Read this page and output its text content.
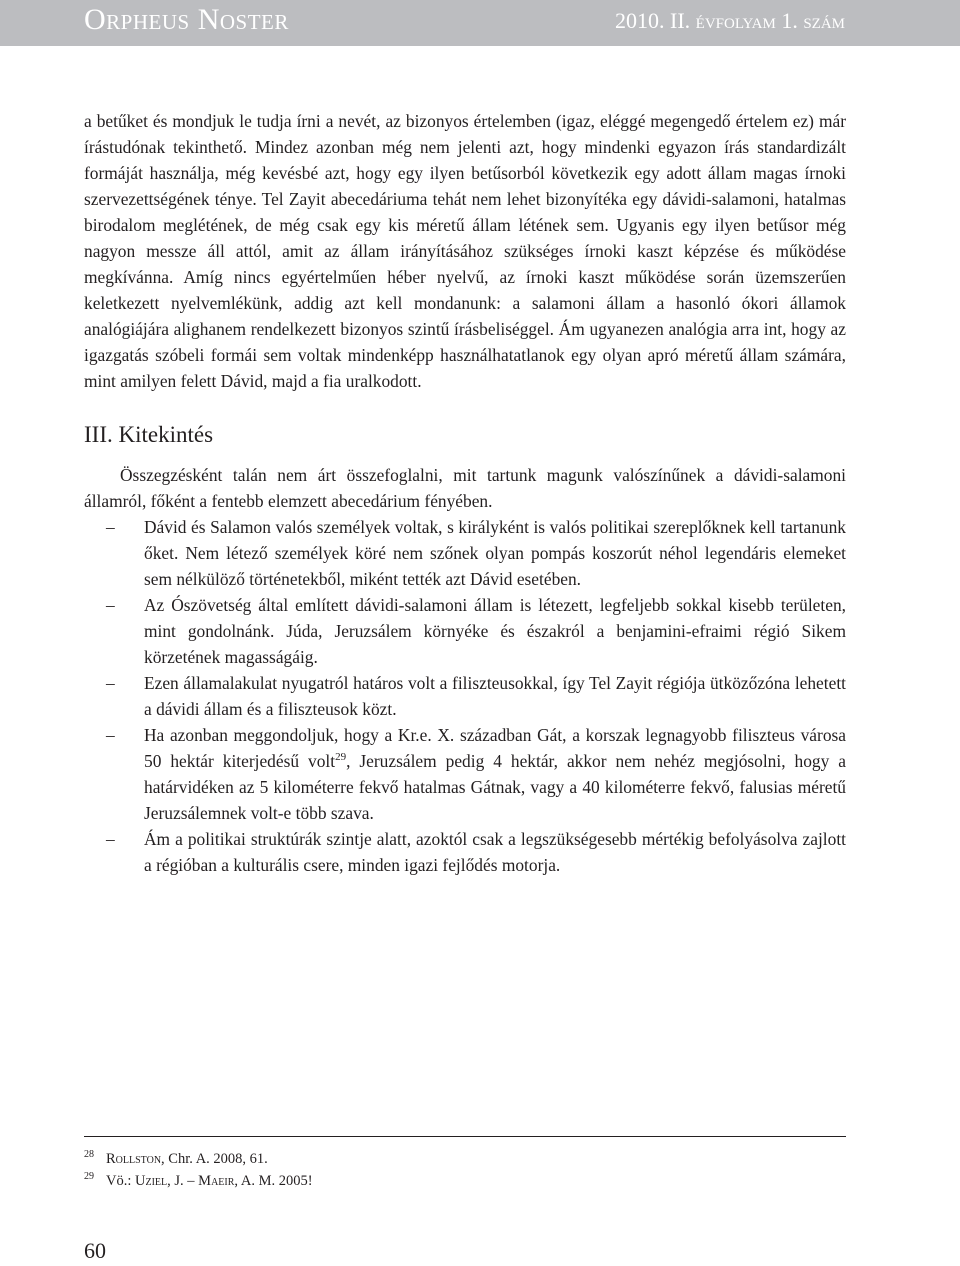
Orpheus Noster	2010. II. évfolyam 1. szám

a betűket és mondjuk le tudja írni a nevét, az bizonyos értelemben (igaz, eléggé megengedő értelem ez) már írástudónak tekinthető. Mindez azonban még nem jelenti azt, hogy mindenki egyazon írás standardizált formáját használja, még kevésbé azt, hogy egy ilyen betűsorból következik egy adott állam magas írnoki szervezettségének ténye. Tel Zayit abecedáriuma tehát nem lehet bizonyítéka egy dávidi-salamoni, hatalmas birodalom meglétének, de még csak egy kis méretű állam létének sem. Ugyanis egy ilyen betűsor még nagyon messze áll attól, amit az állam irányításához szükséges írnoki kaszt képzése és működése megkívánna. Amíg nincs egyértelműen héber nyelvű, az írnoki kaszt működése során üzemszerűen keletkezett nyelvemlékünk, addig azt kell mondanunk: a salamoni állam a hasonló ókori államok analógiájára alighanem rendelkezett bizonyos szintű írásbeliséggel. Ám ugyanezen analógia arra int, hogy az igazgatás szóbeli formái sem voltak mindenképp használhatatlanok egy olyan apró méretű állam számára, mint amilyen felett Dávid, majd a fia uralkodott.

III. Kitekintés

Összegzésként talán nem árt összefoglalni, mit tartunk magunk valószínűnek a dávidi-salamoni államról, főként a fentebb elemzett abecedárium fényében.

– Dávid és Salamon valós személyek voltak, s királyként is valós politikai szereplőknek kell tartanunk őket. Nem létező személyek köré nem szőnek olyan pompás koszorút néhol legendáris elemeket sem nélkülöző történetekből, miként tették azt Dávid esetében.
– Az Ószövetség által említett dávidi-salamoni állam is létezett, legfeljebb sokkal kisebb területen, mint gondolnánk. Júda, Jeruzsálem környéke és északról a benjamini-efraimi régió Sikem körzetének magasságáig.
– Ezen államalakulat nyugatról határos volt a filiszteusokkal, így Tel Zayit régiója ütközőzóna lehetett a dávidi állam és a filiszteusok közt.
– Ha azonban meggondoljuk, hogy a Kr.e. X. században Gát, a korszak legnagyobb filiszteus városa 50 hektár kiterjedésű volt$^{29}$, Jeruzsálem pedig 4 hektár, akkor nem nehéz megjósolni, hogy a határvidéken az 5 kilométerre fekvő hatalmas Gátnak, vagy a 40 kilométerre fekvő, falusias méretű Jeruzsálemnek volt-e több szava.
– Ám a politikai struktúrák szintje alatt, azoktól csak a legszükségesebb mértékig befolyásolva zajlott a régióban a kulturális csere, minden igazi fejlődés motorja.
28 Rollston, Chr. A. 2008, 61.
29 Vö.: Uziel, J. – Maeir, A. M. 2005!
60
